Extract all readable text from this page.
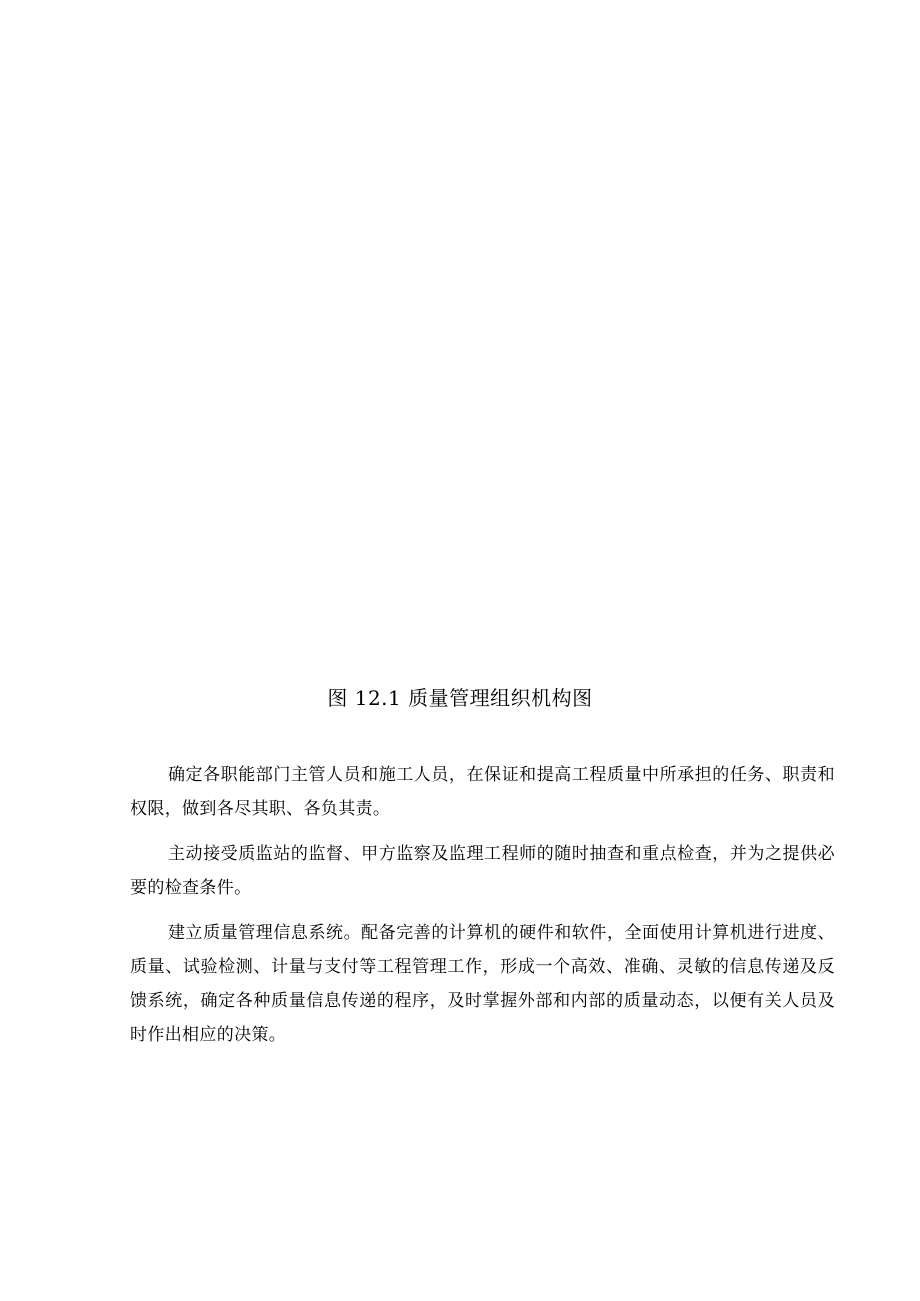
图 12.1 质量管理组织机构图

确定各职能部门主管人员和施工人员，在保证和提高工程质量中所承担的任务、职责和权限，做到各尽其职、各负其责。

主动接受质监站的监督、甲方监察及监理工程师的随时抽查和重点检查，并为之提供必要的检查条件。

建立质量管理信息系统。配备完善的计算机的硬件和软件，全面使用计算机进行进度、质量、试验检测、计量与支付等工程管理工作，形成一个高效、准确、灵敏的信息传递及反馈系统，确定各种质量信息传递的程序，及时掌握外部和内部的质量动态，以便有关人员及时作出相应的决策。
